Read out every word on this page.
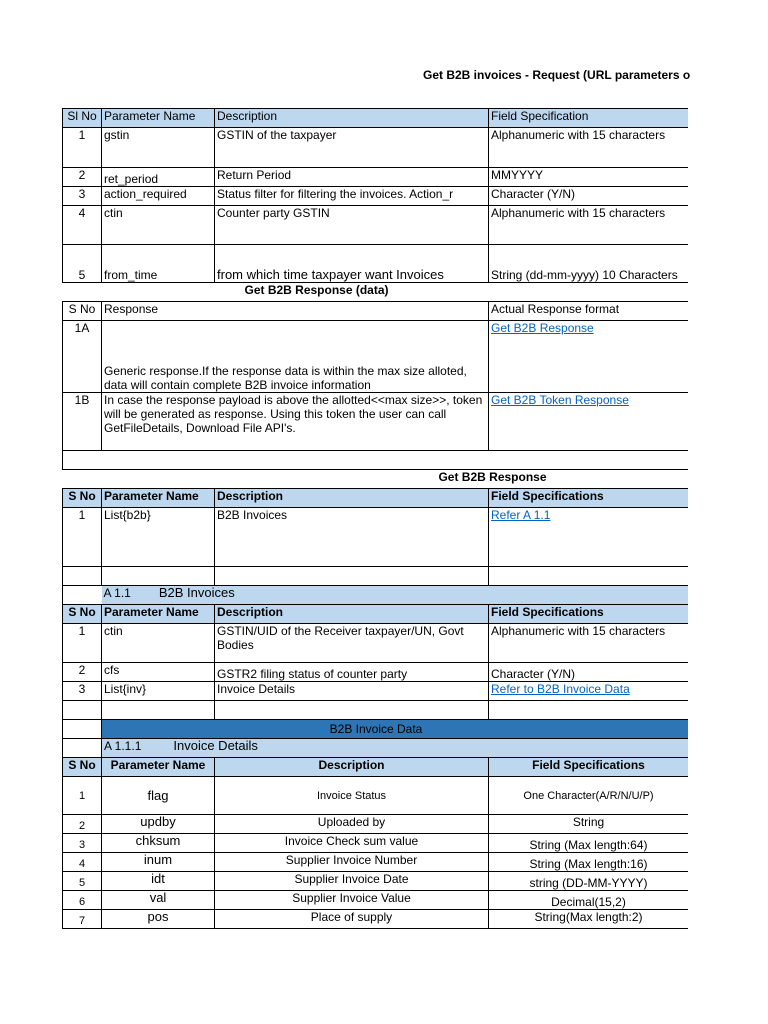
Get B2B invoices - Request (URL parameters o
Sl No	Parameter Name	Description	Field Specification
1	gstin	GSTIN of the taxpayer	Alphanumeric with 15 characters
2	ret_period	Return Period	MMYYYY
3	action_required	Status filter for filtering the invoices. Action_r	Character (Y/N)
4	ctin	Counter party GSTIN	Alphanumeric with 15 characters
5	from_time	from which time taxpayer want Invoices	String (dd-mm-yyyy) 10 Characters
Get B2B Response (data)			
S No	Response		Actual Response format
1A	Generic response.If the response data is within the max size alloted, data will contain complete B2B invoice information		Get B2B Response
1B	In case the response payload is above the allotted<<max size>>, token will be generated as response. Using this token the user can call GetFileDetails, Download File API's.		Get B2B Token Response

Get B2B Response			
S No	Parameter Name	Description	Field Specifications
1	List{b2b}	B2B Invoices	Refer A 1.1

	A 1.1 B2B Invoices		
S No	Parameter Name	Description	Field Specifications
1	ctin	GSTIN/UID of the Receiver taxpayer/UN, Govt Bodies	Alphanumeric with 15 characters
2	cfs	GSTR2 filing status of counter party	Character (Y/N)
3	List{inv}	Invoice Details	Refer to B2B Invoice Data

	B2B Invoice Data		
	A 1.1.1 Invoice Details		
S No	Parameter Name	Description	Field Specifications
1	flag	Invoice Status	One Character(A/R/N/U/P)
2	updby	Uploaded by	String
3	chksum	Invoice Check sum value	String (Max length:64)
4	inum	Supplier Invoice Number	String (Max length:16)
5	idt	Supplier Invoice Date	string (DD-MM-YYYY)
6	val	Supplier Invoice Value	Decimal(15,2)
7	pos	Place of supply	String(Max length:2)
